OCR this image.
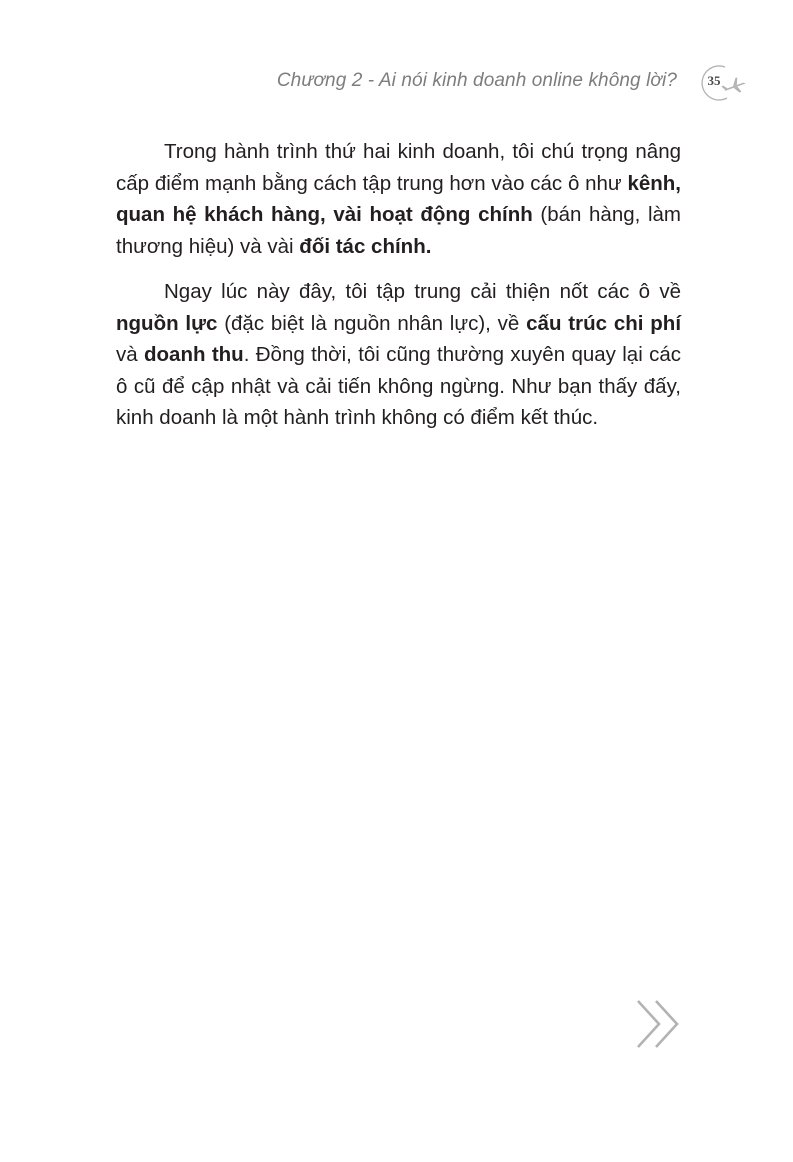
Chương 2 - Ai nói kinh doanh online không lời?	35

Trong hành trình thứ hai kinh doanh, tôi chú trọng nâng cấp điểm mạnh bằng cách tập trung hơn vào các ô như kênh, quan hệ khách hàng, vài hoạt động chính (bán hàng, làm thương hiệu) và vài đối tác chính.

Ngay lúc này đây, tôi tập trung cải thiện nốt các ô về nguồn lực (đặc biệt là nguồn nhân lực), về cấu trúc chi phí và doanh thu. Đồng thời, tôi cũng thường xuyên quay lại các ô cũ để cập nhật và cải tiến không ngừng. Như bạn thấy đấy, kinh doanh là một hành trình không có điểm kết thúc.
